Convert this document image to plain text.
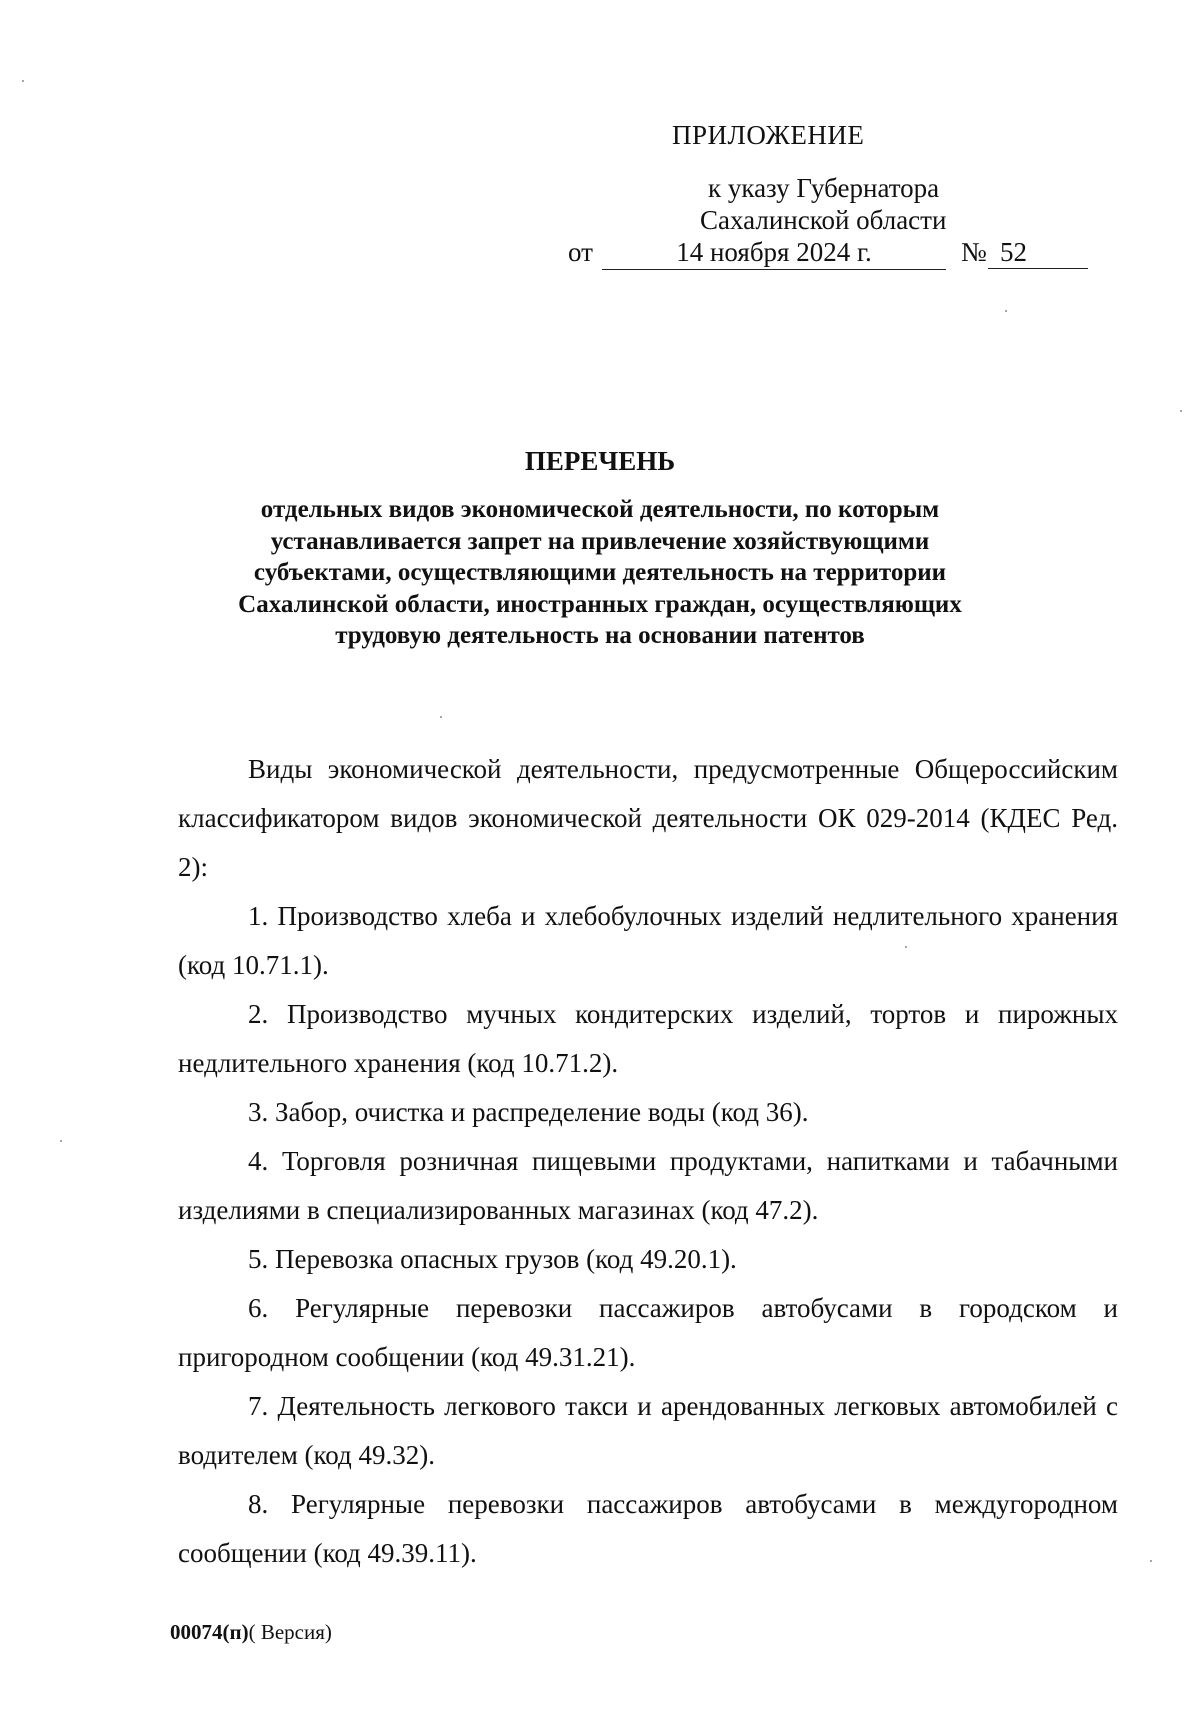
ПРИЛОЖЕНИЕ
к указу Губернатора
Сахалинской области
от	14 ноября 2024 г.	№ 52
ПЕРЕЧЕНЬ
отдельных видов экономической деятельности, по которым
устанавливается запрет на привлечение хозяйствующими
субъектами, осуществляющими деятельность на территории
Сахалинской области, иностранных граждан, осуществляющих
трудовую деятельность на основании патентов

Виды экономической деятельности, предусмотренные Общероссийским классификатором видов экономической деятельности ОК 029-2014 (КДЕС Ред. 2):

1. Производство хлеба и хлебобулочных изделий недлительного хранения (код 10.71.1).

2. Производство мучных кондитерских изделий, тортов и пирожных недлительного хранения (код 10.71.2).

3. Забор, очистка и распределение воды (код 36).

4. Торговля розничная пищевыми продуктами, напитками и табачными изделиями в специализированных магазинах (код 47.2).

5. Перевозка опасных грузов (код 49.20.1).

6. Регулярные перевозки пассажиров автобусами в городском и пригородном сообщении (код 49.31.21).

7. Деятельность легкового такси и арендованных легковых автомобилей с водителем (код 49.32).

8. Регулярные перевозки пассажиров автобусами в междугородном сообщении (код 49.39.11).

00074(п)( Версия)
